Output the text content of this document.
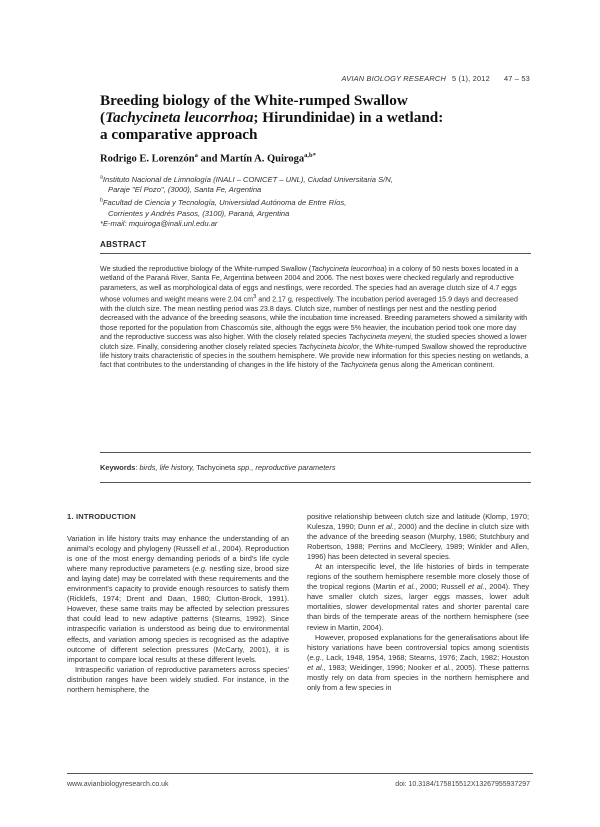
AVIAN BIOLOGY RESEARCH 5 (1), 2012 47 – 53
Breeding biology of the White-rumped Swallow
(Tachycineta leucorrhoa; Hirundinidae) in a wetland:
a comparative approach
Rodrigo E. Lorenzón$^a$ and Martín A. Quiroga$^{a,b*}$
$^a$Instituto Nacional de Limnología (INALI – CONICET – UNL), Ciudad Universitaria S/N,
Paraje "El Pozo", (3000), Santa Fe, Argentina
$^b$Facultad de Ciencia y Tecnología, Universidad Autónoma de Entre Ríos,
Corrientes y Andrés Pasos, (3100), Paraná, Argentina
*E-mail: mquiroga@inali.unl.edu.ar
ABSTRACT
We studied the reproductive biology of the White-rumped Swallow (Tachycineta leucorrhoa) in a colony of 50 nests boxes located in a wetland of the Paraná River, Santa Fe, Argentina between 2004 and 2006. The nest boxes were checked regularly and reproductive parameters, as well as morphological data of eggs and nestlings, were recorded. The species had an average clutch size of 4.7 eggs whose volumes and weight means were 2.04 $cm^3$ and 2.17 g, respectively. The incubation period averaged 15.9 days and decreased with the clutch size. The mean nestling period was 23.8 days. Clutch size, number of nestlings per nest and the nestling period decreased with the advance of the breeding seasons, while the incubation time increased. Breeding parameters showed a similarity with those reported for the population from Chascomús site, although the eggs were 5% heavier, the incubation period took one more day and the reproductive success was also higher. With the closely related species Tachycineta meyeni, the studied species showed a lower clutch size. Finally, considering another closely related species Tachycineta bicolor, the White-rumped Swallow showed the reproductive life history traits characteristic of species in the southern hemisphere. We provide new information for this species nesting on wetlands, a fact that contributes to the understanding of changes in the life history of the Tachycineta genus along the American continent.
Keywords: birds, life history, Tachycineta spp., reproductive parameters
1. INTRODUCTION

Variation in life history traits may enhance the understanding of an animal's ecology and phylogeny (Russell et al., 2004). Reproduction is one of the most energy demanding periods of a bird's life cycle where many reproductive parameters (e.g. nestling size, brood size and laying date) may be correlated with these requirements and the environment's capacity to provide enough resources to satisfy them (Ricklefs, 1974; Drent and Daan, 1980; Clutton-Brock, 1991). However, these same traits may be affected by selection pressures that could lead to new adaptive patterns (Stearns, 1992). Since intraspecific variation is understood as being due to environmental effects, and variation among species is recognised as the adaptive outcome of different selection pressures (McCarty, 2001), it is important to compare local results at these different levels.

Intraspecific variation of reproductive parameters across species' distribution ranges have been widely studied. For instance, in the northern hemisphere, the

positive relationship between clutch size and latitude (Klomp, 1970; Kulesza, 1990; Dunn et al., 2000) and the decline in clutch size with the advance of the breeding season (Murphy, 1986; Stutchbury and Robertson, 1988; Perrins and McCleery, 1989; Winkler and Allen, 1996) has been detected in several species.

At an interspecific level, the life histories of birds in temperate regions of the southern hemisphere resemble more closely those of the tropical regions (Martin et al., 2000; Russell et al., 2004). They have smaller clutch sizes, larger eggs masses, lower adult mortalities, slower developmental rates and shorter parental care than birds of the temperate areas of the northern hemisphere (see review in Martin, 2004).

However, proposed explanations for the generalisations about life history variations have been controversial topics among scientists (e.g., Lack, 1948, 1954, 1968; Stearns, 1976; Zach, 1982; Houston et al., 1983; Weidinger, 1996; Nooker et al., 2005). These patterns mostly rely on data from species in the northern hemisphere and only from a few species in

www.avianbiologyresearch.co.uk	doi: 10.3184/175815512X13267955937297
